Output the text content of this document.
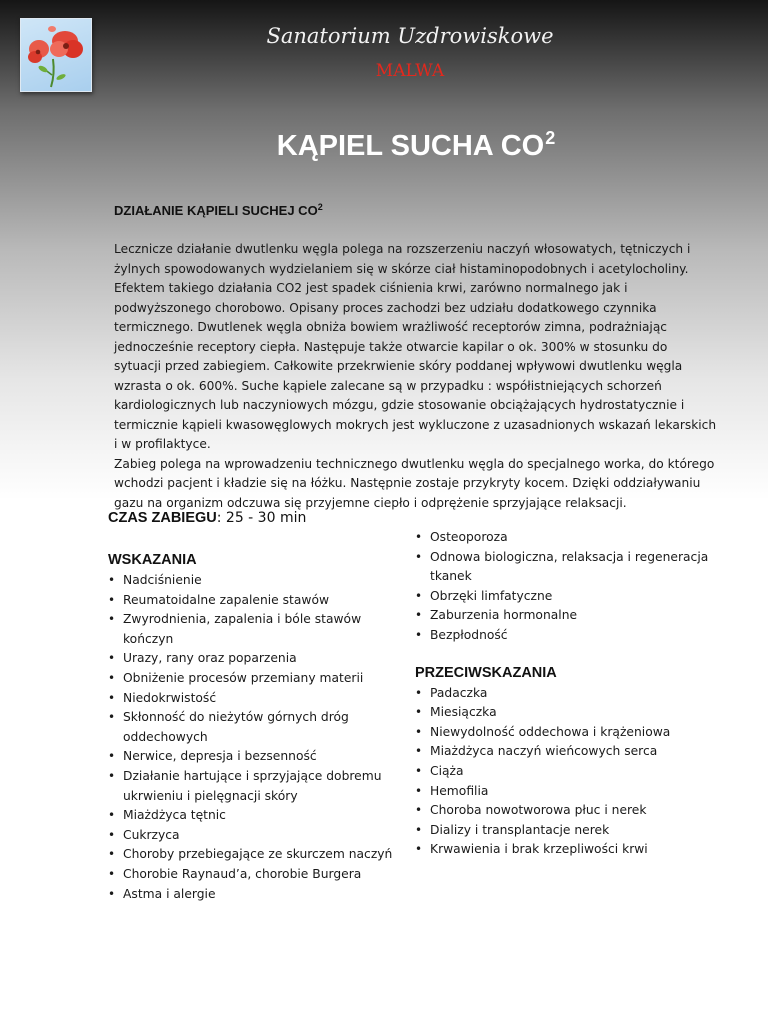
Sanatorium Uzdrowiskowe
MALWA
KĄPIEL SUCHA $CO^2$
DZIAŁANIE KĄPIELI SUCHEJ $CO^2$

Lecznicze działanie dwutlenku węgla polega na rozszerzeniu naczyń włosowatych, tętniczych i żylnych spowodowanych wydzielaniem się w skórze ciał histaminopodobnych i acetylocholiny. Efektem takiego działania CO2 jest spadek ciśnienia krwi, zarówno normalnego jak i podwyższonego chorobowo. Opisany proces zachodzi bez udziału dodatkowego czynnika termicznego. Dwutlenek węgla obniża bowiem wrażliwość receptorów zimna, podrażniając jednocześnie receptory ciepła. Następuje także otwarcie kapilar o ok. 300% w stosunku do sytuacji przed zabiegiem. Całkowite przekrwienie skóry poddanej wpływowi dwutlenku węgla wzrasta o ok. 600%. Suche kąpiele zalecane są w przypadku : współistniejących schorzeń kardiologicznych lub naczyniowych mózgu, gdzie stosowanie obciążających hydrostatycznie i termicznie kąpieli kwasowęglowych mokrych jest wykluczone z uzasadnionych wskazań lekarskich i w profilaktyce.

Zabieg polega na wprowadzeniu technicznego dwutlenku węgla do specjalnego worka, do którego wchodzi pacjent i kładzie się na łóżku. Następnie zostaje przykryty kocem. Dzięki oddziaływaniu gazu na organizm odczuwa się przyjemne ciepło i odprężenie sprzyjające relaksacji.

CZAS ZABIEGU: 25 - 30 min
WSKAZANIA
• Nadciśnienie
• Reumatoidalne zapalenie stawów
• Zwyrodnienia, zapalenia i bóle stawów kończyn
• Urazy, rany oraz poparzenia
• Obniżenie procesów przemiany materii
• Niedokrwistość
• Skłonność do nieżytów górnych dróg oddechowych
• Nerwice, depresja i bezsenność
• Działanie hartujące i sprzyjające dobremu ukrwieniu i pielęgnacji skóry
• Miażdżyca tętnic
• Cukrzyca
• Choroby przebiegające ze skurczem naczyń
• Chorobie Raynaud’a, chorobie Burgera
• Astma i alergie
• Osteoporoza
• Odnowa biologiczna, relaksacja i regeneracja tkanek
• Obrzęki limfatyczne
• Zaburzenia hormonalne
• Bezpłodność
PRZECIWSKAZANIA
• Padaczka
• Miesiączka
• Niewydolność oddechowa i krążeniowa
• Miażdżyca naczyń wieńcowych serca
• Ciąża
• Hemofilia
• Choroba nowotworowa płuc i nerek
• Dializy i transplantacje nerek
• Krwawienia i brak krzepliwości krwi
